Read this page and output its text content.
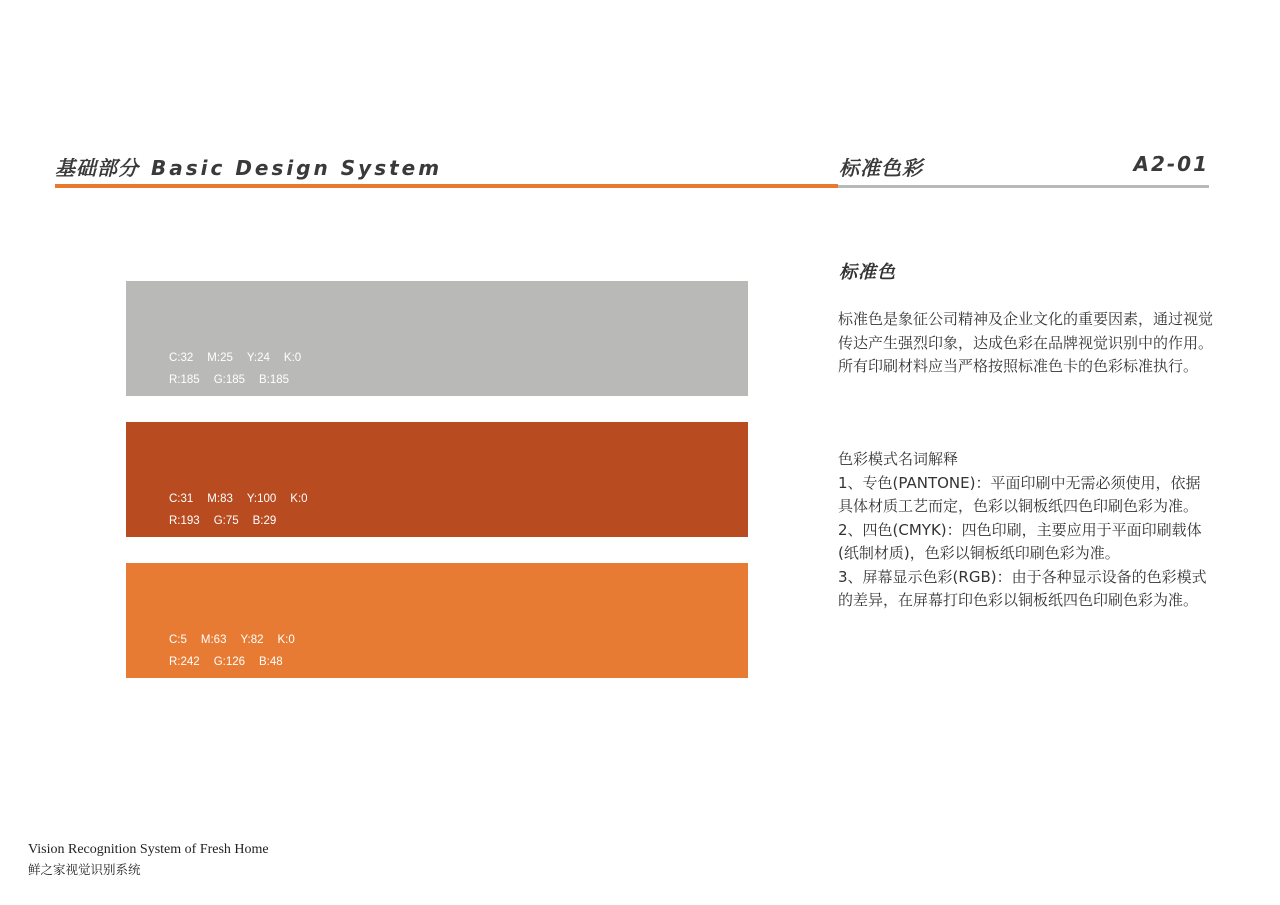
基础部分 Basic Design System	标准色彩	A2-01
C:32 M:25 Y:24 K:0
R:185 G:185 B:185
C:31 M:83 Y:100 K:0
R:193 G:75 B:29
C:5 M:63 Y:82 K:0
R:242 G:126 B:48
标准色

标准色是象征公司精神及企业文化的重要因素，通过视觉传达产生强烈印象，达成色彩在品牌视觉识别中的作用。所有印刷材料应当严格按照标准色卡的色彩标准执行。

色彩模式名词解释

1、专色(PANTONE)：平面印刷中无需必须使用，依据具体材质工艺而定，色彩以铜板纸四色印刷色彩为准。

2、四色(CMYK)：四色印刷，主要应用于平面印刷载体(纸制材质)，色彩以铜板纸印刷色彩为准。

3、屏幕显示色彩(RGB)：由于各种显示设备的色彩模式的差异，在屏幕打印色彩以铜板纸四色印刷色彩为准。

Vision Recognition System of Fresh Home
鲜之家视觉识别系统
